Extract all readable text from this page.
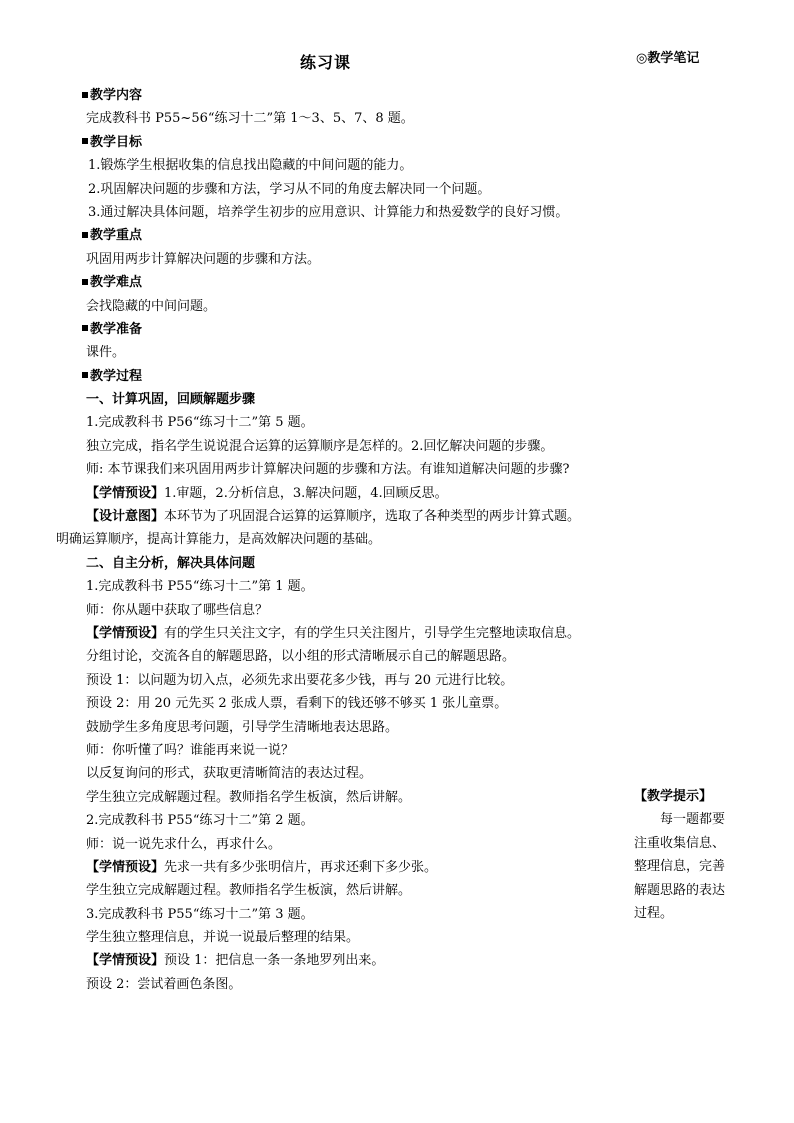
练习课	◎教学笔记
教学内容
完成教科书 P55~56“练习十二”第 1～3、5、7、8 题。
教学目标
1.锻炼学生根据收集的信息找出隐藏的中间问题的能力。
2.巩固解决问题的步骤和方法，学习从不同的角度去解决同一个问题。
3.通过解决具体问题，培养学生初步的应用意识、计算能力和热爱数学的良好习惯。
教学重点
巩固用两步计算解决问题的步骤和方法。
教学难点
会找隐藏的中间问题。
教学准备
课件。
教学过程
一、计算巩固，回顾解题步骤
1.完成教科书 P56“练习十二”第 5 题。
独立完成，指名学生说说混合运算的运算顺序是怎样的。2.回忆解决问题的步骤。
师: 本节课我们来巩固用两步计算解决问题的步骤和方法。有谁知道解决问题的步骤?
【学情预设】1.审题，2.分析信息，3.解决问题，4.回顾反思。
【设计意图】本环节为了巩固混合运算的运算顺序，选取了各种类型的两步计算式题。
明确运算顺序，提高计算能力，是高效解决问题的基础。
二、自主分析，解决具体问题
1.完成教科书 P55“练习十二”第 1 题。
师：你从题中获取了哪些信息？
【学情预设】有的学生只关注文字，有的学生只关注图片，引导学生完整地读取信息。
分组讨论，交流各自的解题思路，以小组的形式清晰展示自己的解题思路。
预设 1：以问题为切入点，必须先求出要花多少钱，再与 20 元进行比较。
预设 2：用 20 元先买 2 张成人票，看剩下的钱还够不够买 1 张儿童票。
鼓励学生多角度思考问题，引导学生清晰地表达思路。
师：你听懂了吗？谁能再来说一说？
以反复询问的形式，获取更清晰简洁的表达过程。
学生独立完成解题过程。教师指名学生板演，然后讲解。
2.完成教科书 P55“练习十二”第 2 题。
师：说一说先求什么，再求什么。
【学情预设】先求一共有多少张明信片，再求还剩下多少张。
学生独立完成解题过程。教师指名学生板演，然后讲解。
3.完成教科书 P55“练习十二”第 3 题。
学生独立整理信息，并说一说最后整理的结果。
【学情预设】预设 1：把信息一条一条地罗列出来。
预设 2：尝试着画色条图。
【教学提示】
每一题都要
注重收集信息、
整理信息，完善
解题思路的表达
过程。
